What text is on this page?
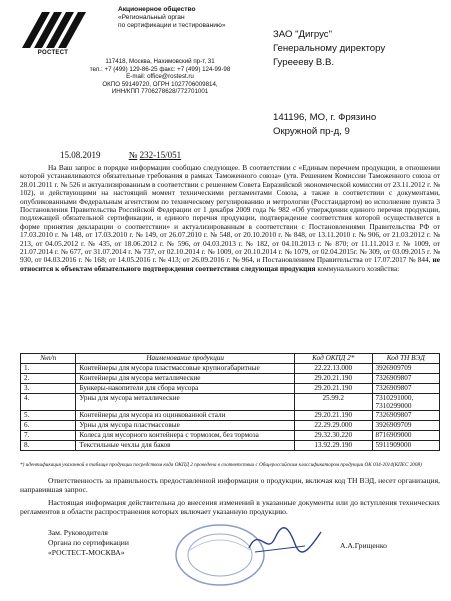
РОСТЕСТ
Акционерное общество
«Региональный орган
по сертификации и тестированию»
117418, Москва, Нахимовский пр-т, 31
тел.: +7 (499) 129-86-25 факс: +7 (499) 124-99-98
E-mail: office@rostest.ru
ОКПО 59149720, ОГРН 1027706009814,
ИНН/КПП 7706278628/772701001
ЗАО "Дигрус"
Генеральному директору
Гуреееву В.В.
141196, МО, г. Фрязино
Окружной пр-д, 9
15.08.2019	№ 232-15/051

На Ваш запрос в порядке информации сообщаю следующее. В соответствии с «Единым перечнем продукции, в отношении которой устанавливаются обязательные требования в рамках Таможенного союза» (утв. Решением Комиссии Таможенного союза от 28.01.2011 г. № 526 и актуализированным в соответствии с решением Совета Евразийской экономической комиссии от 23.11.2012 г. № 102), и действующими на настоящий момент техническими регламентами Союза, а также в соответствии с документами, опубликованными Федеральным агентством по техническому регулированию и метрологии (Росстандартом) во исполнение пункта 3 Постановления Правительства Российской Федерации от 1 декабря 2009 года № 982 «Об утверждении единого перечня продукции, подлежащей обязательной сертификации, и единого перечня продукции, подтверждение соответствия которой осуществляется в форме принятия декларации о соответствии» и актуализированным в соответствии с Постановлениями Правительства РФ от 17.03.2010 г. № 148, от 17.03.2010 г. № 149, от 26.07.2010 г. № 548, от 20.10.2010 г. № 848, от 13.11.2010 г. № 906, от 21.03.2012 г. № 213, от 04.05.2012 г. № 435, от 18.06.2012 г. № 596, от 04.03.2013 г. № 182, от 04.10.2013 г. № 870; от 11.11.2013 г. № 1009, от 21.07.2014 г. № 677, от 31.07.2014 г. № 737, от 02.10.2014 г. № 1009, от 20.10.2014 г. № 1079, от 02.04.2015г. № 309, от 03.09.2015 г. № 930, от 04.03.2016 г. № 168; от 14.05.2016 г. № 413; от 26.09.2016 г. № 964, и Постановлением Правительства от 17.07.2017 № 844, не относится к объектам обязательного подтверждения соответствия следующая продукция коммунального хозяйства:

№п/п	Наименование продукции	Код ОКПД 2*	Код ТН ВЭД
1.	Контейнеры для мусора пластмассовые крупногабаритные	22.22.13.000	3926909709
2.	Контейнеры для мусора металлические	29.20.21.190	7326909807
3.	Бункеры-накопители для сбора мусора	29.20.21.190	7326909807
4.	Урны для мусора металлические	25.99.2	7310291000, 7310299000
5.	Контейнеры для мусора из оцинкованной стали	29.20.21.190	7326909807
6.	Урны для мусора пластмассовые	22.29.29.000	3926909709
7.	Колеса для мусорного контейнера с тормозом, без тормоза	29.32.30.220	8716909000
8.	Текстильные чехлы для баков	13.92.29.190	5911909000
*) идентификация указанной в таблице продукции посредством кода ОКПД 2 проведена в соответствии с Общероссийским классификатором продукции ОК 034-2014(КПЕС 2008)

Ответственность за правильность предоставленной информации о продукции, включая код ТН ВЭД, несет организация, направившая запрос.

Настоящая информация действительна до внесения изменений в указанные документы или до вступления технических регламентов в области распространения которых включает указанную продукцию.

Зам. Руководителя
Органа по сертификации
«РОСТЕСТ-МОСКВА»
А.А.Грищенко
